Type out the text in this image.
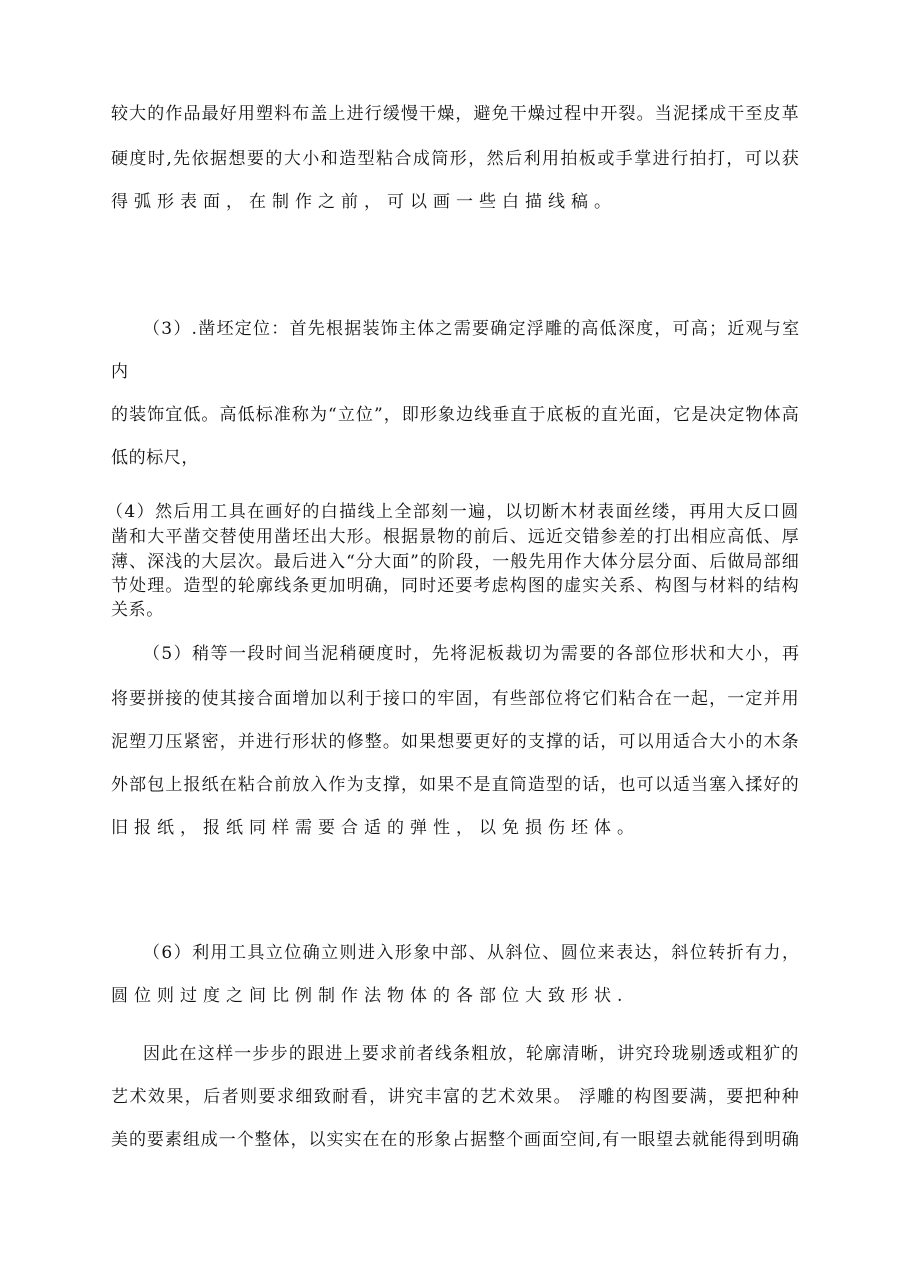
较大的作品最好用塑料布盖上进行缓慢干燥，避免干燥过程中开裂。当泥揉成干至皮革
硬度时,先依据想要的大小和造型粘合成筒形，然后利用拍板或手掌进行拍打，可以获
得弧形表面，在制作之前，可以画一些白描线稿。
（3）.凿坯定位：首先根据装饰主体之需要确定浮雕的高低深度，可高；近观与室
内
的装饰宜低。高低标准称为“立位”，即形象边线垂直于底板的直光面，它是决定物体高
低的标尺，
（4）然后用工具在画好的白描线上全部刻一遍，以切断木材表面丝缕，再用大反口圆
凿和大平凿交替使用凿坯出大形。根据景物的前后、远近交错参差的打出相应高低、厚
薄、深浅的大层次。最后进入“分大面”的阶段，一般先用作大体分层分面、后做局部细
节处理。造型的轮廓线条更加明确，同时还要考虑构图的虚实关系、构图与材料的结构
关系。
（5）稍等一段时间当泥稍硬度时，先将泥板裁切为需要的各部位形状和大小，再
将要拼接的使其接合面增加以利于接口的牢固，有些部位将它们粘合在一起，一定并用
泥塑刀压紧密，并进行形状的修整。如果想要更好的支撑的话，可以用适合大小的木条
外部包上报纸在粘合前放入作为支撑，如果不是直筒造型的话，也可以适当塞入揉好的
旧报纸，报纸同样需要合适的弹性，以免损伤坯体。
（6）利用工具立位确立则进入形象中部、从斜位、圆位来表达，斜位转折有力，
圆位则过度之间比例制作法物体的各部位大致形状.
因此在这样一步步的跟进上要求前者线条粗放，轮廓清晰，讲究玲珑剔透或粗犷的
艺术效果，后者则要求细致耐看，讲究丰富的艺术效果。 浮雕的构图要满，要把种种
美的要素组成一个整体，以实实在在的形象占据整个画面空间,有一眼望去就能得到明确
